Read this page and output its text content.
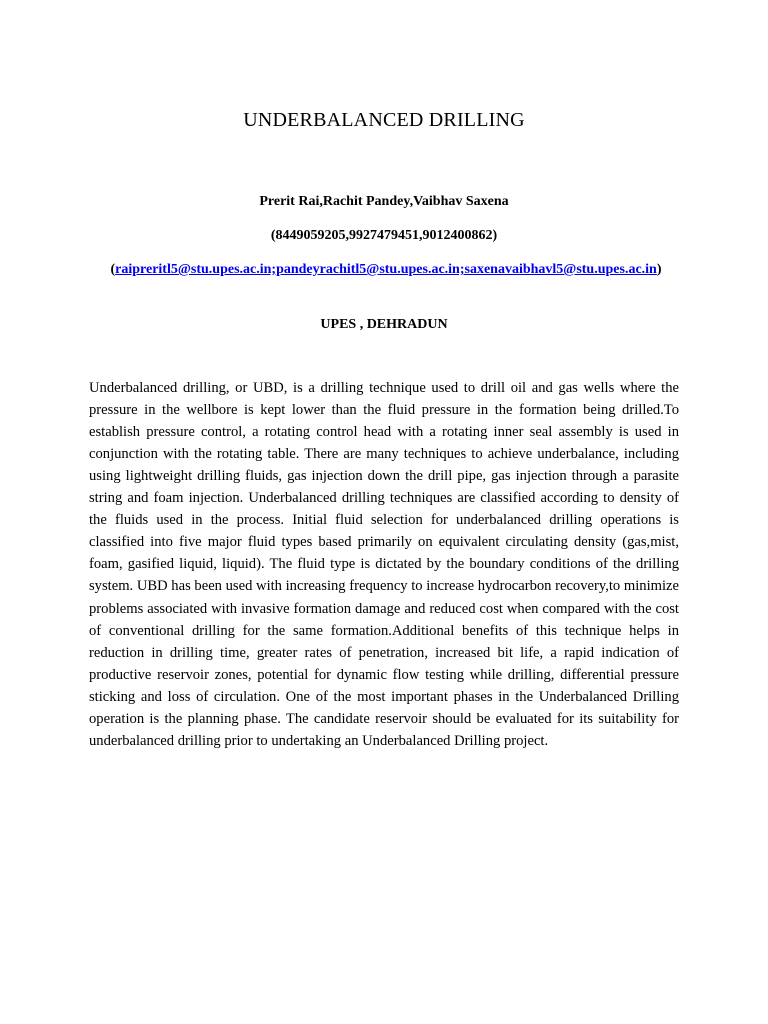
UNDERBALANCED DRILLING
Prerit Rai,Rachit Pandey,Vaibhav Saxena
(8449059205,9927479451,9012400862)
(raipreritl5@stu.upes.ac.in;pandeyrachitl5@stu.upes.ac.in;saxenavaibhavl5@stu.upes.ac.in)
UPES , DEHRADUN

Underbalanced drilling, or UBD, is a drilling technique used to drill oil and gas wells where the pressure in the wellbore is kept lower than the fluid pressure in the formation being drilled.To establish pressure control, a rotating control head with a rotating inner seal assembly is used in conjunction with the rotating table. There are many techniques to achieve underbalance, including using lightweight drilling fluids, gas injection down the drill pipe, gas injection through a parasite string and foam injection. Underbalanced drilling techniques are classified according to density of the fluids used in the process. Initial fluid selection for underbalanced drilling operations is classified into five major fluid types based primarily on equivalent circulating density (gas,mist, foam, gasified liquid, liquid). The fluid type is dictated by the boundary conditions of the drilling system. UBD has been used with increasing frequency to increase hydrocarbon recovery,to minimize problems associated with invasive formation damage and reduced cost when compared with the cost of conventional drilling for the same formation.Additional benefits of this technique helps in reduction in drilling time, greater rates of penetration, increased bit life, a rapid indication of productive reservoir zones, potential for dynamic flow testing while drilling, differential pressure sticking and loss of circulation. One of the most important phases in the Underbalanced Drilling operation is the planning phase. The candidate reservoir should be evaluated for its suitability for underbalanced drilling prior to undertaking an Underbalanced Drilling project.
